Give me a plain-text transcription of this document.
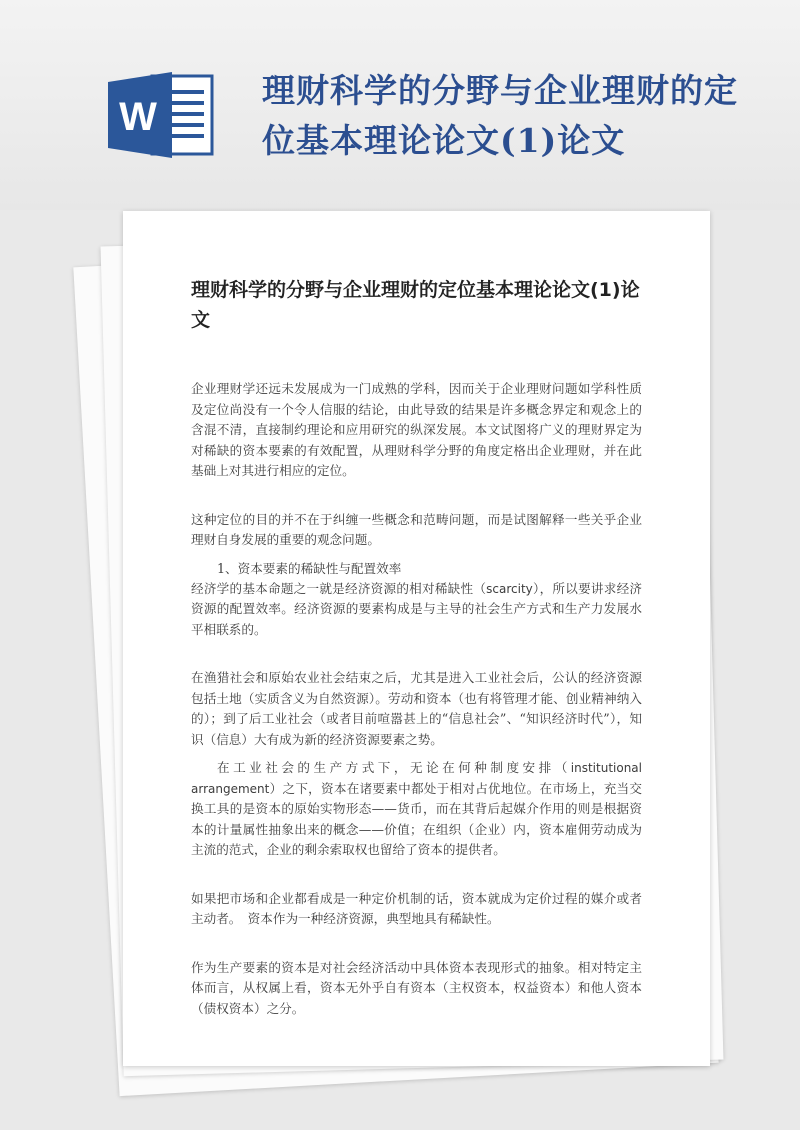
W
理财科学的分野与企业理财的定位基本理论论文(1)论文
理财科学的分野与企业理财的定位基本理论论文(1)论文

企业理财学还远未发展成为一门成熟的学科，因而关于企业理财问题如学科性质及定位尚没有一个令人信服的结论，由此导致的结果是许多概念界定和观念上的含混不清，直接制约理论和应用研究的纵深发展。本文试图将广义的理财界定为对稀缺的资本要素的有效配置，从理财科学分野的角度定格出企业理财，并在此基础上对其进行相应的定位。

这种定位的目的并不在于纠缠一些概念和范畴问题，而是试图解释一些关乎企业理财自身发展的重要的观念问题。

1、资本要素的稀缺性与配置效率

经济学的基本命题之一就是经济资源的相对稀缺性（scarcity），所以要讲求经济资源的配置效率。经济资源的要素构成是与主导的社会生产方式和生产力发展水平相联系的。

在渔猎社会和原始农业社会结束之后，尤其是进入工业社会后，公认的经济资源包括土地（实质含义为自然资源）。劳动和资本（也有将管理才能、创业精神纳入的）；到了后工业社会（或者目前喧嚣甚上的“信息社会”、“知识经济时代”），知识（信息）大有成为新的经济资源要素之势。

在工业社会的生产方式下，无论在何种制度安排（institutional arrangement）之下，资本在诸要素中都处于相对占优地位。在市场上，充当交换工具的是资本的原始实物形态——货币，而在其背后起媒介作用的则是根据资本的计量属性抽象出来的概念——价值；在组织（企业）内，资本雇佣劳动成为主流的范式，企业的剩余索取权也留给了资本的提供者。

如果把市场和企业都看成是一种定价机制的话，资本就成为定价过程的媒介或者主动者。　资本作为一种经济资源，典型地具有稀缺性。

作为生产要素的资本是对社会经济活动中具体资本表现形式的抽象。相对特定主体而言，从权属上看，资本无外乎自有资本（主权资本，权益资本）和他人资本（债权资本）之分。
